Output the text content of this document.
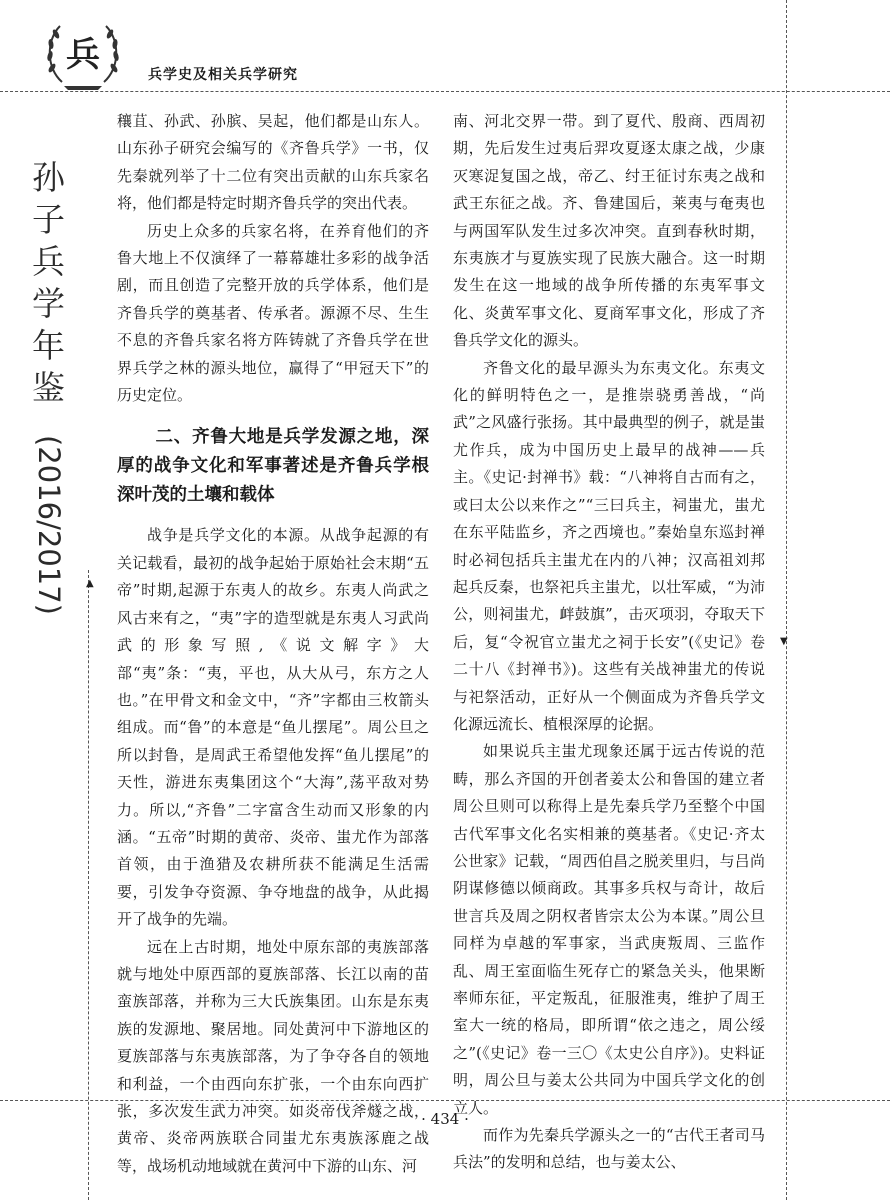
兵	兵学史及相关兵学研究
孙子兵学年鉴
(2016/2017) ▲
▼

穰苴、孙武、孙膑、吴起，他们都是山东人。山东孙子研究会编写的《齐鲁兵学》一书，仅先秦就列举了十二位有突出贡献的山东兵家名将，他们都是特定时期齐鲁兵学的突出代表。

历史上众多的兵家名将，在养育他们的齐鲁大地上不仅演绎了一幕幕雄壮多彩的战争活剧，而且创造了完整开放的兵学体系，他们是齐鲁兵学的奠基者、传承者。源源不尽、生生不息的齐鲁兵家名将方阵铸就了齐鲁兵学在世界兵学之林的源头地位，赢得了“甲冠天下”的历史定位。

二、齐鲁大地是兵学发源之地，深厚的战争文化和军事著述是齐鲁兵学根深叶茂的土壤和载体

战争是兵学文化的本源。从战争起源的有关记载看，最初的战争起始于原始社会末期“五帝”时期,起源于东夷人的故乡。东夷人尚武之风古来有之，“夷”字的造型就是东夷人习武尚武的形象写照,《说文解字》大部“夷”条：“夷，平也，从大从弓，东方之人也。”在甲骨文和金文中，“齐”字都由三枚箭头组成。而“鲁”的本意是“鱼儿摆尾”。周公旦之所以封鲁，是周武王希望他发挥“鱼儿摆尾”的天性，游进东夷集团这个“大海”,荡平敌对势力。所以,“齐鲁”二字富含生动而又形象的内涵。“五帝”时期的黄帝、炎帝、蚩尤作为部落首领，由于渔猎及农耕所获不能满足生活需要，引发争夺资源、争夺地盘的战争，从此揭开了战争的先端。

远在上古时期，地处中原东部的夷族部落就与地处中原西部的夏族部落、长江以南的苗蛮族部落，并称为三大氏族集团。山东是东夷族的发源地、聚居地。同处黄河中下游地区的夏族部落与东夷族部落，为了争夺各自的领地和利益，一个由西向东扩张，一个由东向西扩张，多次发生武力冲突。如炎帝伐斧燧之战，黄帝、炎帝两族联合同蚩尤东夷族涿鹿之战等，战场机动地域就在黄河中下游的山东、河

南、河北交界一带。到了夏代、殷商、西周初期，先后发生过夷后羿攻夏逐太康之战，少康灭寒浞复国之战，帝乙、纣王征讨东夷之战和武王东征之战。齐、鲁建国后，莱夷与奄夷也与两国军队发生过多次冲突。直到春秋时期，东夷族才与夏族实现了民族大融合。这一时期发生在这一地域的战争所传播的东夷军事文化、炎黄军事文化、夏商军事文化，形成了齐鲁兵学文化的源头。

齐鲁文化的最早源头为东夷文化。东夷文化的鲜明特色之一，是推崇骁勇善战，“尚武”之风盛行张扬。其中最典型的例子，就是蚩尤作兵，成为中国历史上最早的战神——兵主。《史记·封禅书》载：“八神将自古而有之，或曰太公以来作之”“三曰兵主，祠蚩尤，蚩尤在东平陆监乡，齐之西境也。”秦始皇东巡封禅时必祠包括兵主蚩尤在内的八神；汉高祖刘邦起兵反秦，也祭祀兵主蚩尤，以壮军威，“为沛公，则祠蚩尤，衅鼓旗”，击灭项羽，夺取天下后，复“令祝官立蚩尤之祠于长安”(《史记》卷二十八《封禅书》)。这些有关战神蚩尤的传说与祀祭活动，正好从一个侧面成为齐鲁兵学文化源远流长、植根深厚的论据。

如果说兵主蚩尤现象还属于远古传说的范畴，那么齐国的开创者姜太公和鲁国的建立者周公旦则可以称得上是先秦兵学乃至整个中国古代军事文化名实相兼的奠基者。《史记·齐太公世家》记载，“周西伯昌之脱羑里归，与吕尚阴谋修德以倾商政。其事多兵权与奇计，故后世言兵及周之阴权者皆宗太公为本谋。”周公旦同样为卓越的军事家，当武庚叛周、三监作乱、周王室面临生死存亡的紧急关头，他果断率师东征，平定叛乱，征服淮夷，维护了周王室大一统的格局，即所谓“依之违之，周公绥之”(《史记》卷一三〇《太史公自序》)。史料证明，周公旦与姜太公共同为中国兵学文化的创立人。

而作为先秦兵学源头之一的“古代王者司马兵法”的发明和总结，也与姜太公、

· 434 ·
